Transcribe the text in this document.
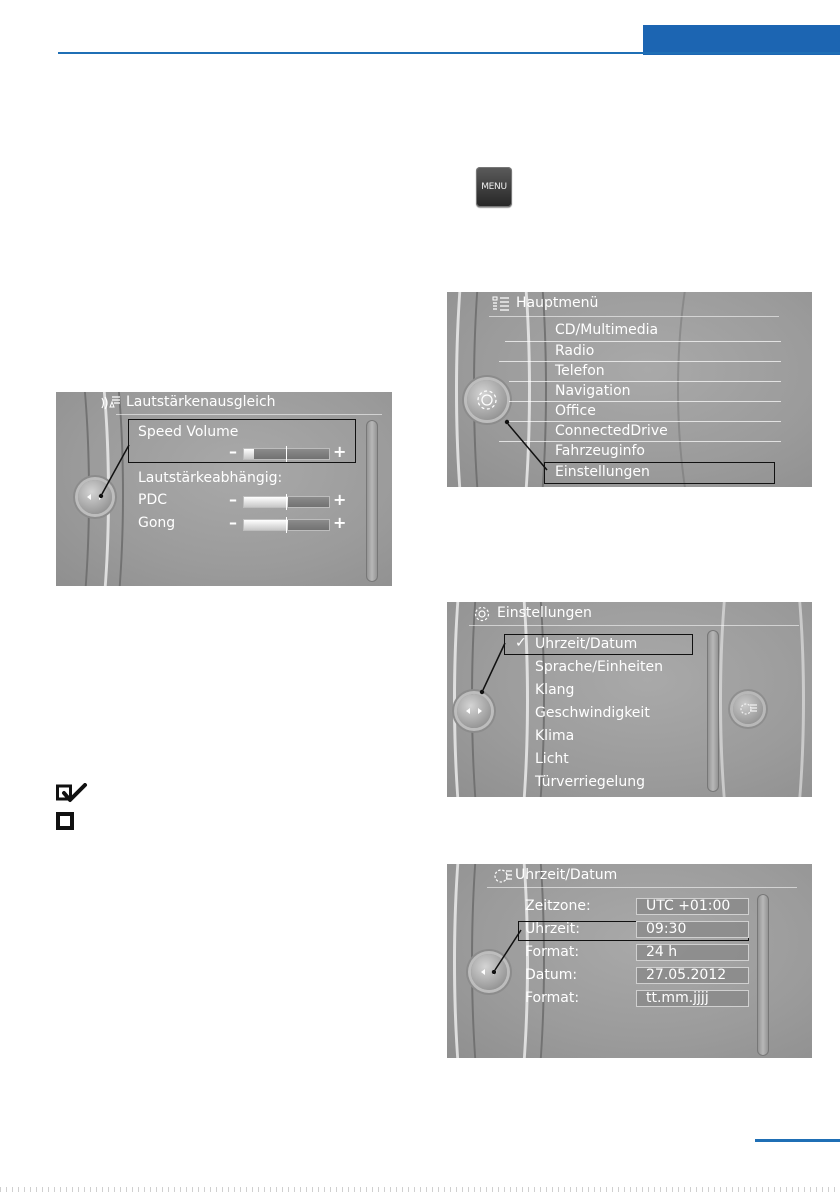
MENU
Lautstärkenausgleich
Speed Volume
–	+
Lautstärkeabhängig:
PDC	–	+
Gong	–	+
Hauptmenü
CD/Multimedia
Radio
Telefon
Navigation
Office
ConnectedDrive
Fahrzeuginfo
Einstellungen
Einstellungen
✓ Uhrzeit/Datum
Sprache/Einheiten
Klang
Geschwindigkeit
Klima
Licht
Türverriegelung
Uhrzeit/Datum
Zeitzone:	UTC +01:00
Uhrzeit:	09:30
Format:	24 h
Datum:	27.05.2012
Format:	tt.mm.jjjj
